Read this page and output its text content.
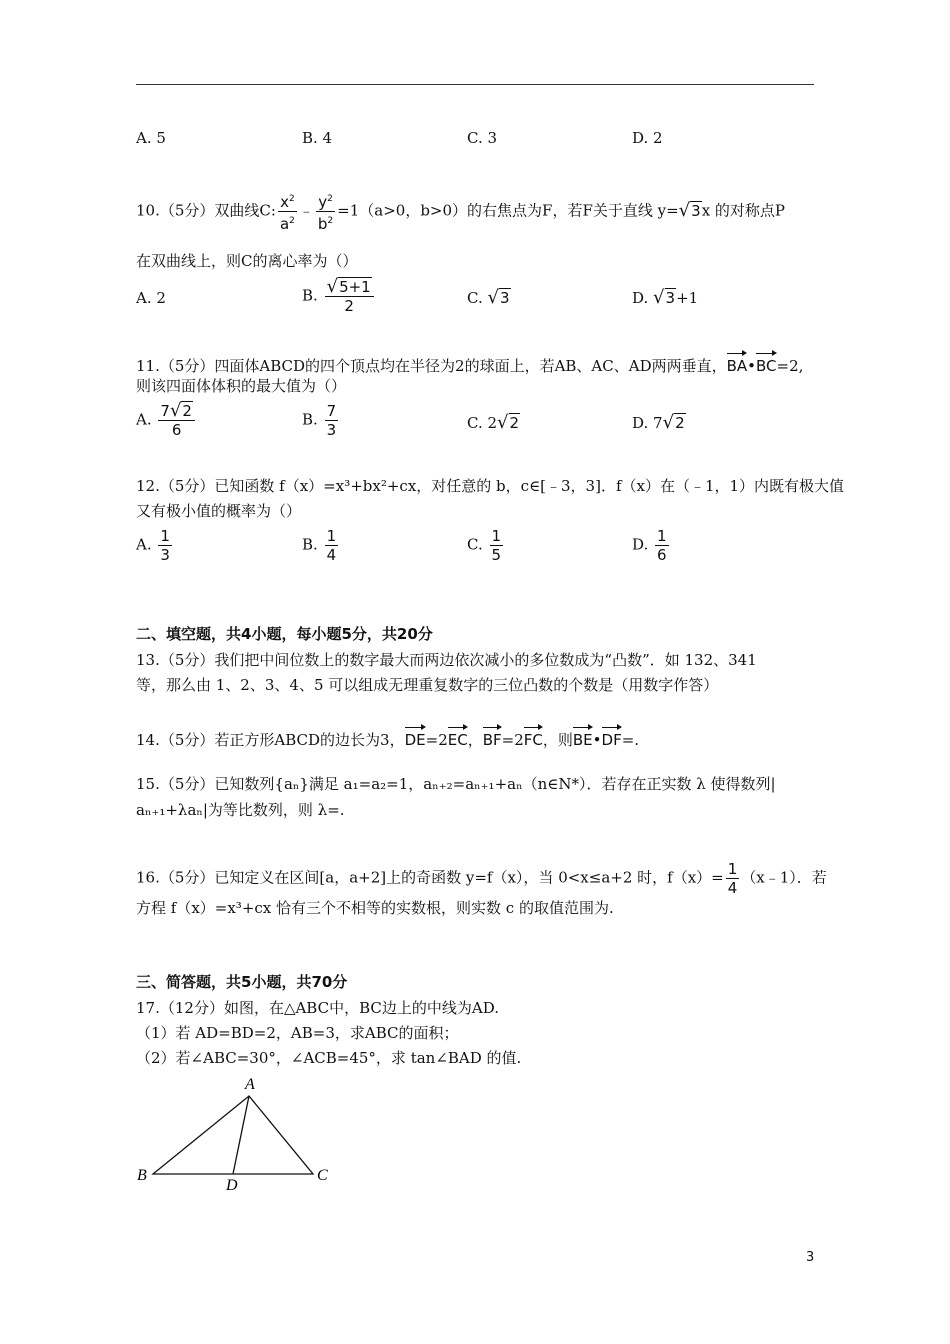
A. 5	B. 4	C. 3	D. 2
10.（5分）双曲线C: $\frac{x^2}{a^2}$ ﹣ $\frac{y^2}{b^2} =1(a>0$，b>0）的右焦点为F，若F关于直线 y=√3x 的对称点P
在双曲线上，则C的离心率为（）
A. 2	B. $\frac{√5+1}{2}$	C. √3	D. √3+1
11.（5分）四面体ABCD的四个顶点均在半径为2的球面上，若AB、AC、AD两两垂直，BA•BC=2,
则该四面体体积的最大值为（）
A. $\frac{7√2}{6}$	B. $\frac{7}{3}$	C. 2√2	D. 7√2
12.（5分）已知函数 f（x）=x³+bx²+cx，对任意的 b，c∈[﹣3，3]．f（x）在（﹣1，1）内既有极大值
又有极小值的概率为（）
A. $\frac{1}{3}$	B. $\frac{1}{4}$	C. $\frac{1}{5}$	D. $\frac{1}{6}$
二、填空题，共4小题，每小题5分，共20分
13.（5分）我们把中间位数上的数字最大而两边依次减小的多位数成为“凸数”．如 132、341
等，那么由 1、2、3、4、5 可以组成无理重复数字的三位凸数的个数是（用数字作答）
14.（5分）若正方形ABCD的边长为3，DE=2EC，BF=2FC，则BE•DF=.
15.（5分）已知数列{aₙ}满足 a₁=a₂=1，aₙ₊₂=aₙ₊₁+aₙ（n∈N*）．若存在正实数 λ 使得数列|
aₙ₊₁+λaₙ|为等比数列，则 λ=.
16.（5分）已知定义在区间[a，a+2]上的奇函数 y=f（x），当 0<x≤a+2 时，$f(x)= \frac{1}{4}$ （x﹣1）．若
方程 f（x）=x³+cx 恰有三个不相等的实数根，则实数 c 的取值范围为.
三、简答题，共5小题，共70分
17.（12分）如图，在△ABC中，BC边上的中线为AD.
（1）若 AD=BD=2，AB=3，求ABC的面积；
（2）若∠ABC=30°，∠ACB=45°，求 tan∠BAD 的值.
A
B
D
C
3
